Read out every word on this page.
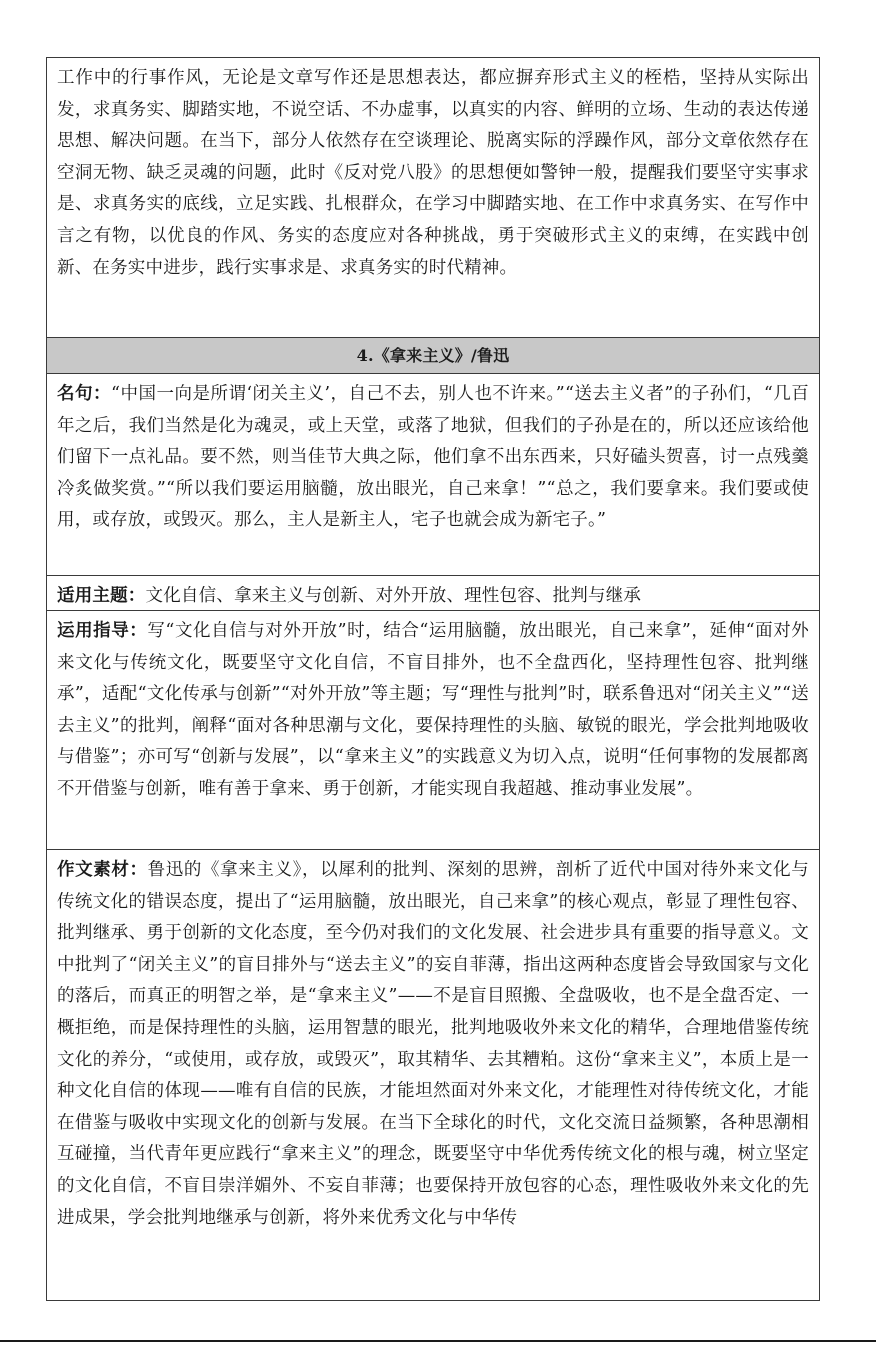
工作中的行事作风，无论是文章写作还是思想表达，都应摒弃形式主义的桎梏，坚持从实际出发，求真务实、脚踏实地，不说空话、不办虚事，以真实的内容、鲜明的立场、生动的表达传递思想、解决问题。在当下，部分人依然存在空谈理论、脱离实际的浮躁作风，部分文章依然存在空洞无物、缺乏灵魂的问题，此时《反对党八股》的思想便如警钟一般，提醒我们要坚守实事求是、求真务实的底线，立足实践、扎根群众，在学习中脚踏实地、在工作中求真务实、在写作中言之有物，以优良的作风、务实的态度应对各种挑战，勇于突破形式主义的束缚，在实践中创新、在务实中进步，践行实事求是、求真务实的时代精神。
4.《拿来主义》/鲁迅
名句：“中国一向是所谓‘闭关主义’，自己不去，别人也不许来。”“送去主义者”的子孙们，“几百年之后，我们当然是化为魂灵，或上天堂，或落了地狱，但我们的子孙是在的，所以还应该给他们留下一点礼品。要不然，则当佳节大典之际，他们拿不出东西来，只好磕头贺喜，讨一点残羹冷炙做奖赏。”“所以我们要运用脑髓，放出眼光，自己来拿！”“总之，我们要拿来。我们要或使用，或存放，或毁灭。那么，主人是新主人，宅子也就会成为新宅子。”
适用主题：文化自信、拿来主义与创新、对外开放、理性包容、批判与继承
运用指导：写“文化自信与对外开放”时，结合“运用脑髓，放出眼光，自己来拿”，延伸“面对外来文化与传统文化，既要坚守文化自信，不盲目排外，也不全盘西化，坚持理性包容、批判继承”，适配“文化传承与创新”“对外开放”等主题；写“理性与批判”时，联系鲁迅对“闭关主义”“送去主义”的批判，阐释“面对各种思潮与文化，要保持理性的头脑、敏锐的眼光，学会批判地吸收与借鉴”；亦可写“创新与发展”，以“拿来主义”的实践意义为切入点，说明“任何事物的发展都离不开借鉴与创新，唯有善于拿来、勇于创新，才能实现自我超越、推动事业发展”。
作文素材：鲁迅的《拿来主义》，以犀利的批判、深刻的思辨，剖析了近代中国对待外来文化与传统文化的错误态度，提出了“运用脑髓，放出眼光，自己来拿”的核心观点，彰显了理性包容、批判继承、勇于创新的文化态度，至今仍对我们的文化发展、社会进步具有重要的指导意义。文中批判了“闭关主义”的盲目排外与“送去主义”的妄自菲薄，指出这两种态度皆会导致国家与文化的落后，而真正的明智之举，是“拿来主义”——不是盲目照搬、全盘吸收，也不是全盘否定、一概拒绝，而是保持理性的头脑，运用智慧的眼光，批判地吸收外来文化的精华，合理地借鉴传统文化的养分，“或使用，或存放，或毁灭”，取其精华、去其糟粕。这份“拿来主义”，本质上是一种文化自信的体现——唯有自信的民族，才能坦然面对外来文化，才能理性对待传统文化，才能在借鉴与吸收中实现文化的创新与发展。在当下全球化的时代，文化交流日益频繁，各种思潮相互碰撞，当代青年更应践行“拿来主义”的理念，既要坚守中华优秀传统文化的根与魂，树立坚定的文化自信，不盲目崇洋媚外、不妄自菲薄；也要保持开放包容的心态，理性吸收外来文化的先进成果，学会批判地继承与创新，将外来优秀文化与中华传
